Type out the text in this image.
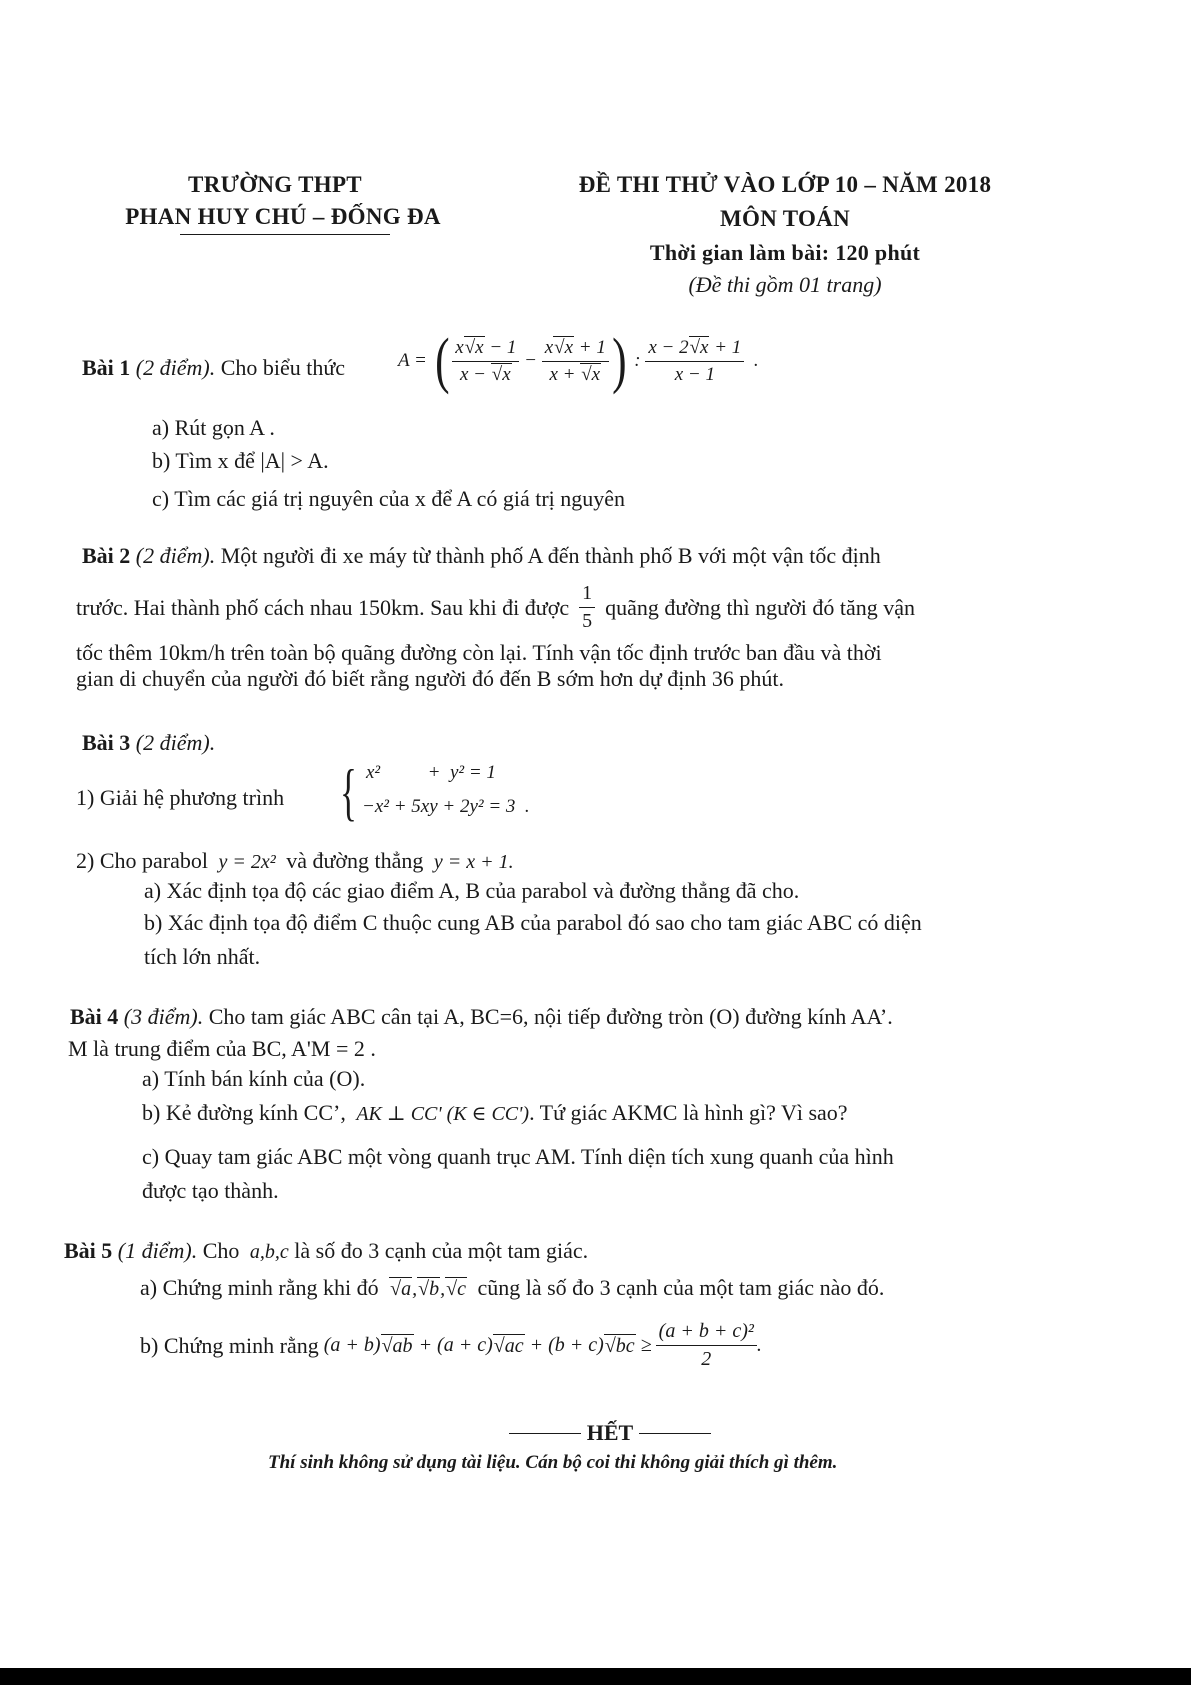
TRƯỜNG THPT
PHAN HUY CHÚ – ĐỐNG ĐA
ĐỀ THI THỬ VÀO LỚP 10 – NĂM 2018
MÔN TOÁN
Thời gian làm bài: 120 phút
(Đề thi gồm 01 trang)
Bài 1 (2 điểm). Cho biểu thức	A = ( $\frac{x√x - 1}{x - √x} - \frac{x√x + 1}{x + √x}$ ) : $\frac{x - 2√x + 1}{x - 1}$ .
a) Rút gọn A .
b) Tìm x để |A| > A.
c) Tìm các giá trị nguyên của x để A có giá trị nguyên
Bài 2 (2 điểm). Một người đi xe máy từ thành phố A đến thành phố B với một vận tốc định
trước. Hai thành phố cách nhau 150km. Sau khi đi được $\frac{1}{5}$ quãng đường thì người đó tăng vận
tốc thêm 10km/h trên toàn bộ quãng đường còn lại. Tính vận tốc định trước ban đầu và thời
gian di chuyển của người đó biết rằng người đó đến B sớm hơn dự định 36 phút.
Bài 3 (2 điểm).
1) Giải hệ phương trình { x²          +  y² = 1
−x² + 5xy + 2y² = 3  .
2) Cho parabol  y = 2x²  và đường thẳng  y = x + 1.
a) Xác định tọa độ các giao điểm A, B của parabol và đường thẳng đã cho.
b) Xác định tọa độ điểm C thuộc cung AB của parabol đó sao cho tam giác ABC có diện
tích lớn nhất.
Bài 4 (3 điểm). Cho tam giác ABC cân tại A, BC=6, nội tiếp đường tròn (O) đường kính AA’.
M là trung điểm của BC, A'M = 2 .
a) Tính bán kính của (O).
b) Kẻ đường kính CC’,  AK ⊥ CC' (K ∈ CC'). Tứ giác AKMC là hình gì? Vì sao?
c) Quay tam giác ABC một vòng quanh trục AM. Tính diện tích xung quanh của hình
được tạo thành.
Bài 5 (1 điểm). Cho  a,b,c là số đo 3 cạnh của một tam giác.
a) Chứng minh rằng khi đó √a,√b,√c cũng là số đo 3 cạnh của một tam giác nào đó.
b) Chứng minh rằng (a + b) √ab + (a + c) √ac + (b + c) $√bc \ge \frac{\text{(a + b + c)²}}{2}$ .
HẾT
Thí sinh không sử dụng tài liệu. Cán bộ coi thi không giải thích gì thêm.
